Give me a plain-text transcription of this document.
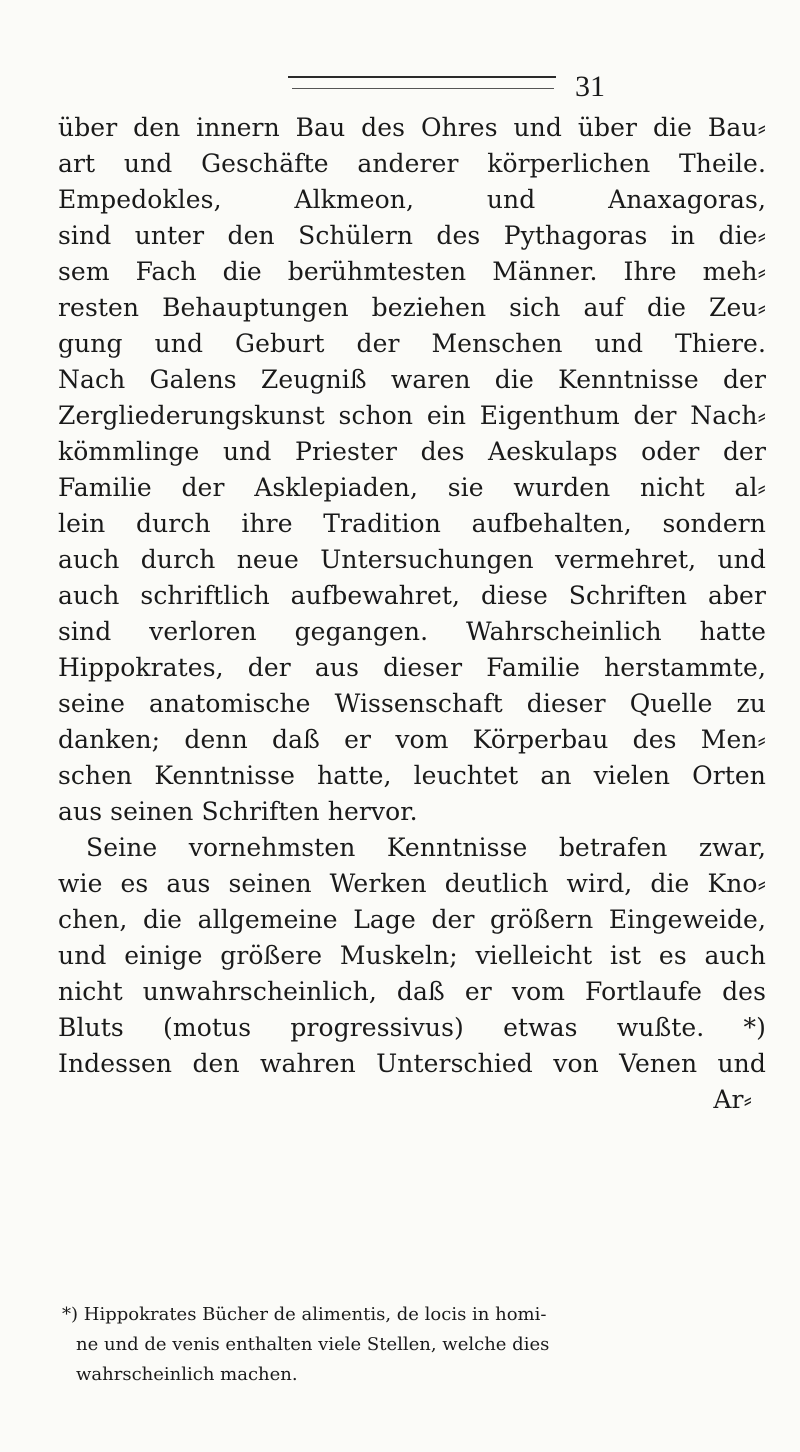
31
über den innern Bau des Ohres und über die Bau⸗
art und Geschäfte anderer körperlichen Theile.
Empedokles, Alkmeon, und Anaxagoras,
sind unter den Schülern des Pythagoras in die⸗
sem Fach die berühmtesten Männer. Ihre meh⸗
resten Behauptungen beziehen sich auf die Zeu⸗
gung und Geburt der Menschen und Thiere.
Nach Galens Zeugniß waren die Kenntnisse der
Zergliederungskunst schon ein Eigenthum der Nach⸗
kömmlinge und Priester des Aeskulaps oder der
Familie der Asklepiaden, sie wurden nicht al⸗
lein durch ihre Tradition aufbehalten, sondern
auch durch neue Untersuchungen vermehret, und
auch schriftlich aufbewahret, diese Schriften aber
sind verloren gegangen. Wahrscheinlich hatte
Hippokrates, der aus dieser Familie herstammte,
seine anatomische Wissenschaft dieser Quelle zu
danken; denn daß er vom Körperbau des Men⸗
schen Kenntnisse hatte, leuchtet an vielen Orten
aus seinen Schriften hervor.
Seine vornehmsten Kenntnisse betrafen zwar,
wie es aus seinen Werken deutlich wird, die Kno⸗
chen, die allgemeine Lage der größern Eingeweide,
und einige größere Muskeln; vielleicht ist es auch
nicht unwahrscheinlich, daß er vom Fortlaufe des
Bluts (motus progressivus) etwas wußte. *)
Indessen den wahren Unterschied von Venen und
Ar⸗
*) Hippokrates Bücher de alimentis, de locis in homi-
ne und de venis enthalten viele Stellen, welche dies
wahrscheinlich machen.
